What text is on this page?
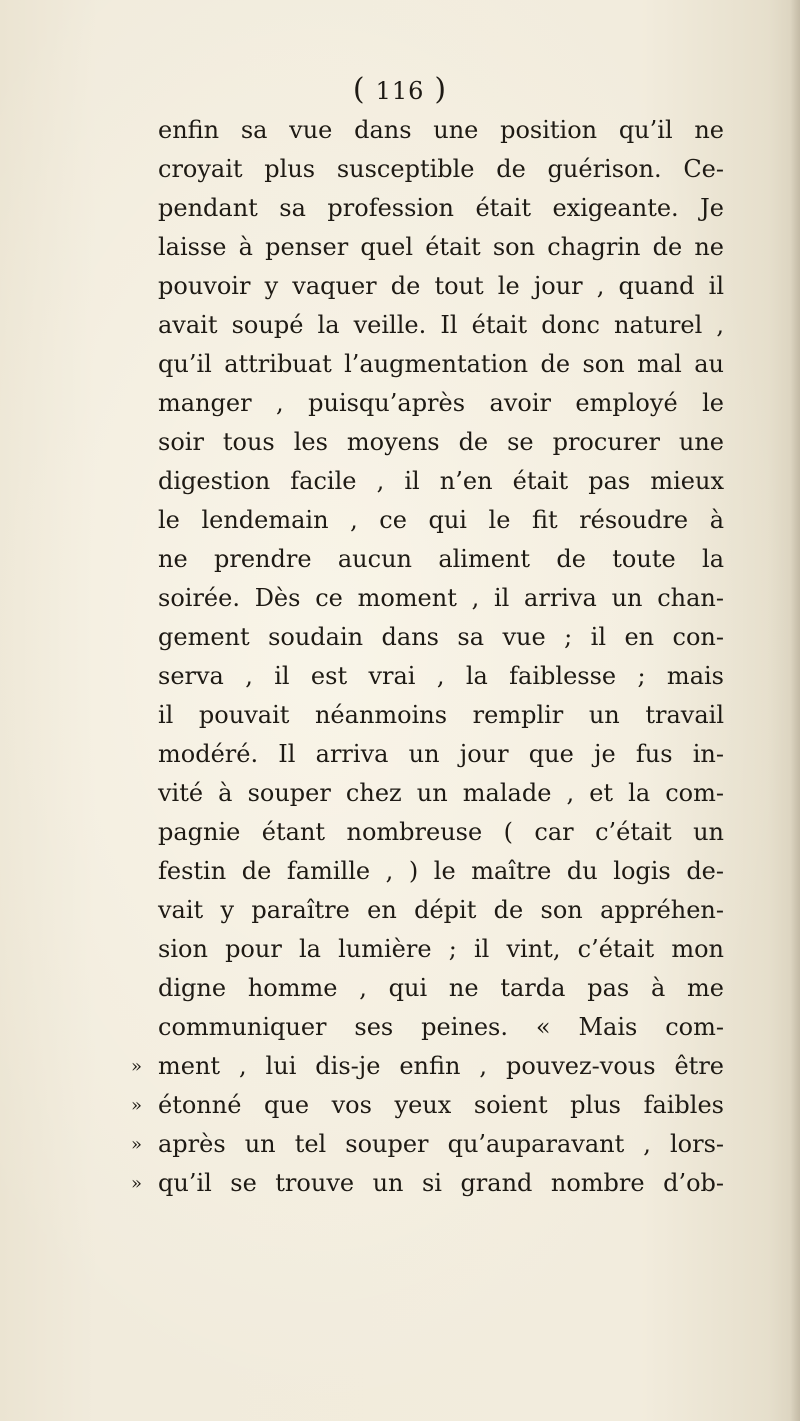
( 116 )
enfin sa vue dans une position qu’il ne
croyait plus susceptible de guérison. Ce-
pendant sa profession était exigeante. Je
laisse à penser quel était son chagrin de ne
pouvoir y vaquer de tout le jour , quand il
avait soupé la veille. Il était donc naturel ,
qu’il attribuat l’augmentation de son mal au
manger , puisqu’après avoir employé le
soir tous les moyens de se procurer une
digestion facile , il n’en était pas mieux
le lendemain , ce qui le fit résoudre à
ne prendre aucun aliment de toute la
soirée. Dès ce moment , il arriva un chan-
gement soudain dans sa vue ; il en con-
serva , il est vrai , la faiblesse ; mais
il pouvait néanmoins remplir un travail
modéré. Il arriva un jour que je fus in-
vité à souper chez un malade , et la com-
pagnie étant nombreuse ( car c’était un
festin de famille , ) le maître du logis de-
vait y paraître en dépit de son appréhen-
sion pour la lumière ; il vint, c’était mon
digne homme , qui ne tarda pas à me
communiquer ses peines. « Mais com-
» ment , lui dis-je enfin , pouvez-vous être
» étonné que vos yeux soient plus faibles
» après un tel souper qu’auparavant , lors-
» qu’il se trouve un si grand nombre d’ob-
